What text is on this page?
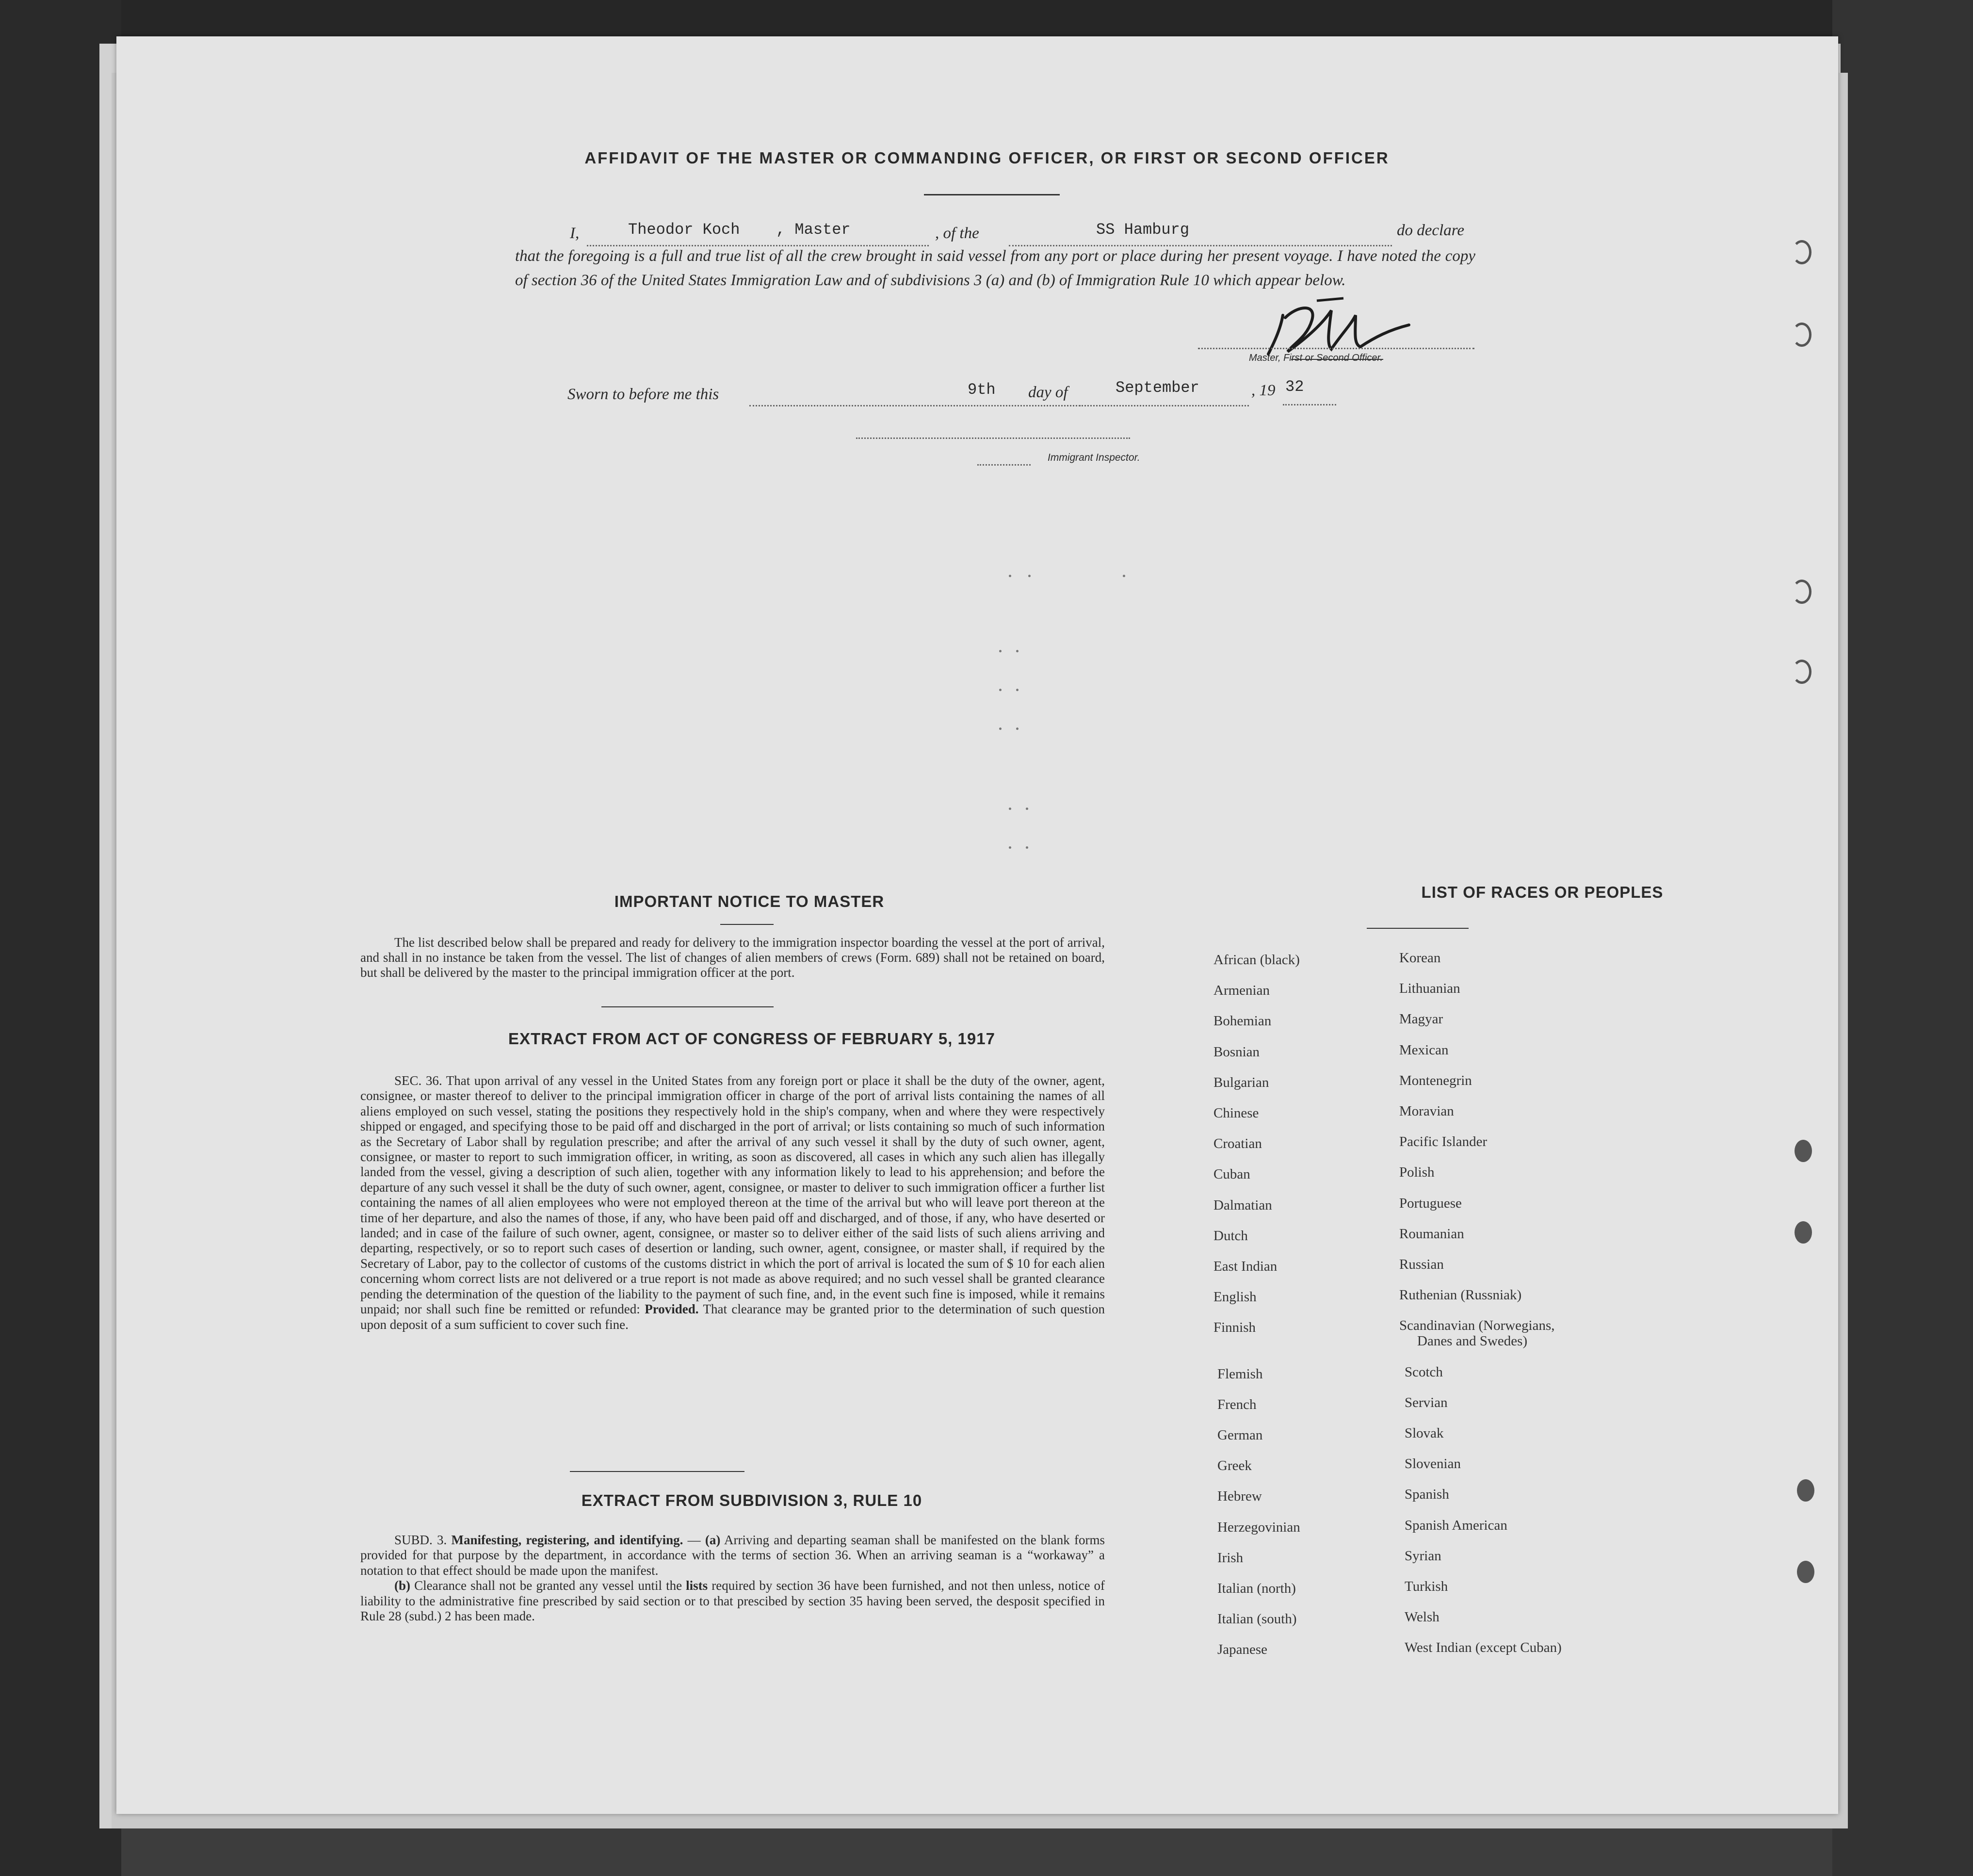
AFFIDAVIT OF THE MASTER OR COMMANDING OFFICER, OR FIRST OR SECOND OFFICER
I,	Theodor Koch , Master	, of the	SS Hamburg	do declare
that the foregoing is a full and true list of all the crew brought in said vessel from any port or place during her present voyage. I have noted the copy of section 36 of the United States Immigration Law and of subdivisions 3 (a) and (b) of Immigration Rule 10 which appear below.
Master, First or Second Officer.
Sworn to before me this	9th day of	September	, 19 32
Immigrant Inspector.
IMPORTANT NOTICE TO MASTER
The list described below shall be prepared and ready for delivery to the immigration inspector boarding the vessel at the port of arrival, and shall in no instance be taken from the vessel. The list of changes of alien members of crews (Form. 689) shall not be retained on board, but shall be delivered by the master to the principal immigration officer at the port.
EXTRACT FROM ACT OF CONGRESS OF FEBRUARY 5, 1917
SEC. 36. That upon arrival of any vessel in the United States from any foreign port or place it shall be the duty of the owner, agent, consignee, or master thereof to deliver to the principal immigration officer in charge of the port of arrival lists containing the names of all aliens employed on such vessel, stating the positions they respectively hold in the ship's company, when and where they were respectively shipped or engaged, and specifying those to be paid off and discharged in the port of arrival; or lists containing so much of such information as the Secretary of Labor shall by regulation prescribe; and after the arrival of any such vessel it shall by the duty of such owner, agent, consignee, or master to report to such immigration officer, in writing, as soon as discovered, all cases in which any such alien has illegally landed from the vessel, giving a description of such alien, together with any information likely to lead to his apprehension; and before the departure of any such vessel it shall be the duty of such owner, agent, consignee, or master to deliver to such immigration officer a further list containing the names of all alien employees who were not employed thereon at the time of the arrival but who will leave port thereon at the time of her departure, and also the names of those, if any, who have been paid off and discharged, and of those, if any, who have deserted or landed; and in case of the failure of such owner, agent, consignee, or master so to deliver either of the said lists of such aliens arriving and departing, respectively, or so to report such cases of desertion or landing, such owner, agent, consignee, or master shall, if required by the Secretary of Labor, pay to the collector of customs of the customs district in which the port of arrival is located the sum of $ 10 for each alien concerning whom correct lists are not delivered or a true report is not made as above required; and no such vessel shall be granted clearance pending the determination of the question of the liability to the payment of such fine, and, in the event such fine is imposed, while it remains unpaid; nor shall such fine be remitted or refunded: Provided. That clearance may be granted prior to the determination of such question upon deposit of a sum sufficient to cover such fine.
EXTRACT FROM SUBDIVISION 3, RULE 10
SUBD. 3. Manifesting, registering, and identifying. — (a) Arriving and departing seaman shall be manifested on the blank forms provided for that purpose by the department, in accordance with the terms of section 36. When an arriving seaman is a “workaway” a notation to that effect should be made upon the manifest.
(b) Clearance shall not be granted any vessel until the lists required by section 36 have been furnished, and not then unless, notice of liability to the administrative fine prescribed by said section or to that prescibed by section 35 having been served, the desposit specified in Rule 28 (subd.) 2 has been made.
LIST OF RACES OR PEOPLES
African (black)
Armenian
Bohemian
Bosnian
Bulgarian
Chinese
Croatian
Cuban
Dalmatian
Dutch
East Indian
English
Finnish
Flemish
French
German
Greek
Hebrew
Herzegovinian
Irish
Italian (north)
Italian (south)
Japanese
Korean
Lithuanian
Magyar
Mexican
Montenegrin
Moravian
Pacific Islander
Polish
Portuguese
Roumanian
Russian
Ruthenian (Russniak)
Scandinavian (Norwegians,
Danes and Swedes)
Scotch
Servian
Slovak
Slovenian
Spanish
Spanish American
Syrian
Turkish
Welsh
West Indian (except Cuban)
